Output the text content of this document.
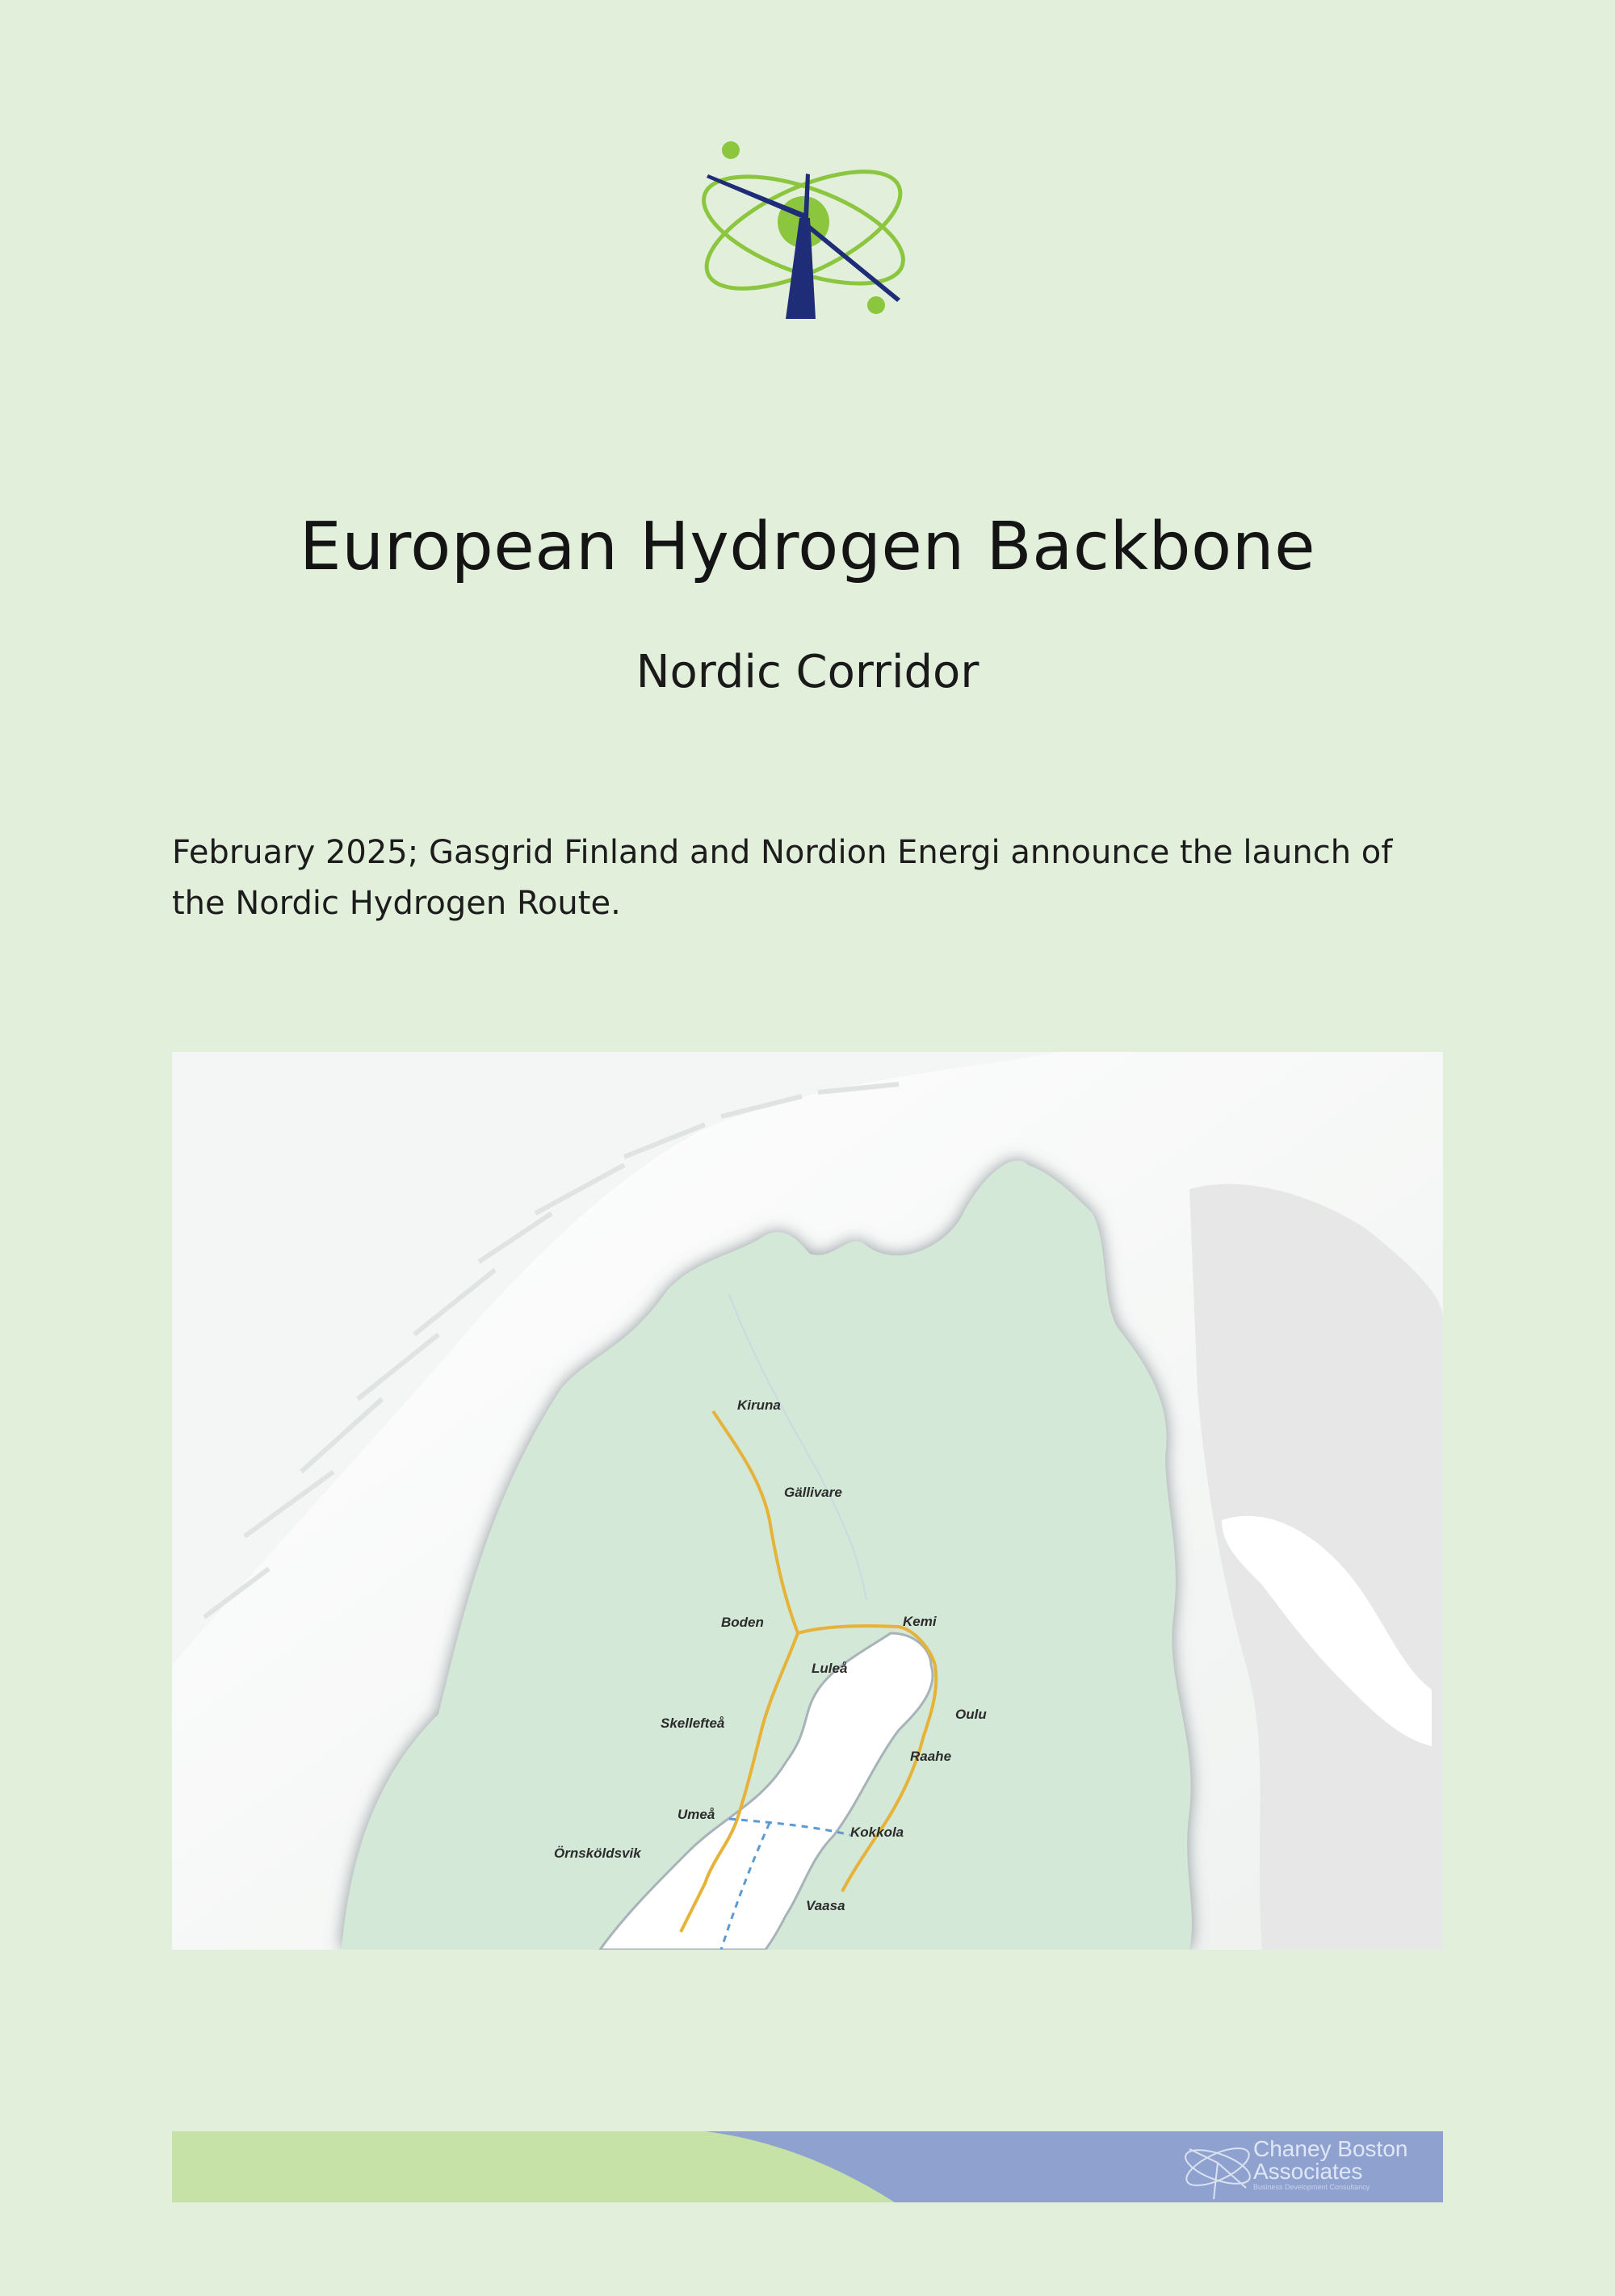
European Hydrogen Backbone
Nordic Corridor
February 2025; Gasgrid Finland and Nordion Energi announce the launch of the Nordic Hydrogen Route.
Kiruna
Gällivare
Boden	Kemi
Luleå
Skellefteå
Oulu
Raahe
Umeå
Kokkola
Örnsköldsvik
Vaasa
Chaney Boston
Associates
Business Development Consultancy
